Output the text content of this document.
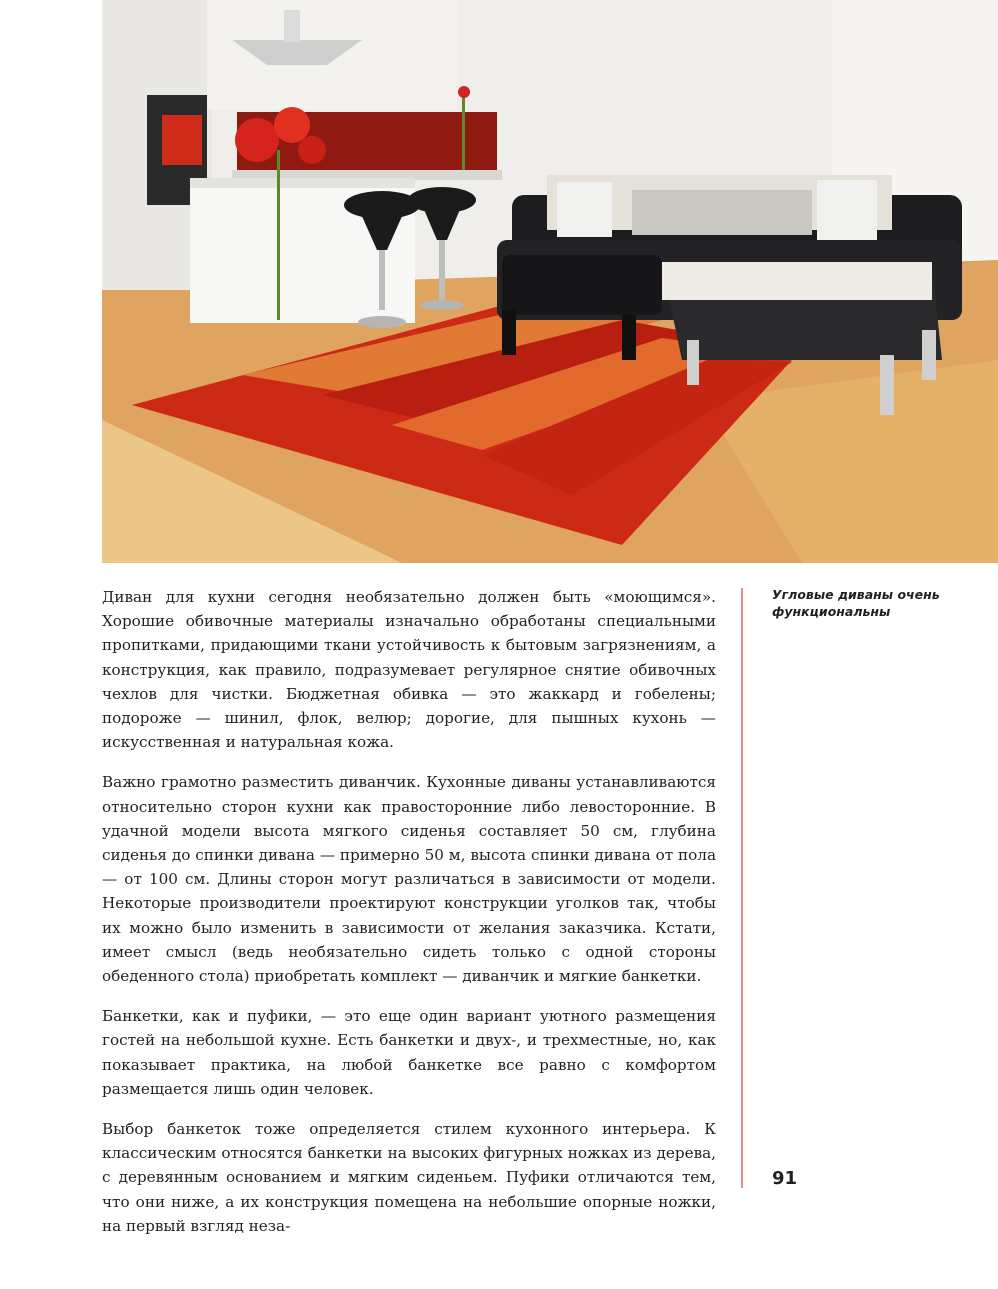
Диван для кухни сегодня необязательно должен быть «моющимся». Хорошие обивочные материалы изначально обработаны специальными пропитками, придающими ткани устойчивость к бытовым загрязнениям, а конструкция, как правило, подразумевает регулярное снятие обивочных чехлов для чистки. Бюджетная обивка — это жаккард и гобелены; подороже — шинил, флок, велюр; дорогие, для пышных кухонь — искусственная и натуральная кожа.

Важно грамотно разместить диванчик. Кухонные диваны устанавливаются относительно сторон кухни как правосторонние либо левосторонние. В удачной модели высота мягкого сиденья составляет 50 см, глубина сиденья до спинки дивана — примерно 50 м, высота спинки дивана от пола — от 100 см. Длины сторон могут различаться в зависимости от модели. Некоторые производители проектируют конструкции уголков так, чтобы их можно было изменить в зависимости от желания заказчика. Кстати, имеет смысл (ведь необязательно сидеть только с одной стороны обеденного стола) приобретать комплект — диванчик и мягкие банкетки.

Банкетки, как и пуфики, — это еще один вариант уютного размещения гостей на небольшой кухне. Есть банкетки и двух-, и трехместные, но, как показывает практика, на любой банкетке все равно с комфортом размещается лишь один человек.

Выбор банкеток тоже определяется стилем кухонного интерьера. К классическим относятся банкетки на высоких фигурных ножках из дерева, с деревянным основанием и мягким сиденьем. Пуфики отличаются тем, что они ниже, а их конструкция помещена на небольшие опорные ножки, на первый взгляд неза-

Угловые диваны очень функциональны
91
